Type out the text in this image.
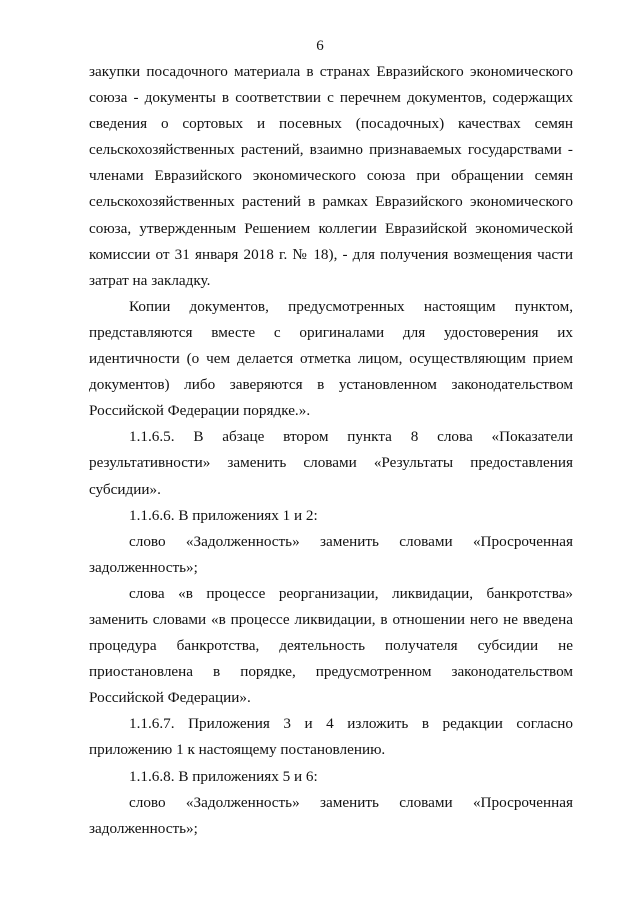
6

закупки посадочного материала в странах Евразийского экономического союза - документы в соответствии с перечнем документов, содержащих сведения о сортовых и посевных (посадочных) качествах семян сельскохозяйственных растений, взаимно признаваемых государствами - членами Евразийского экономического союза при обращении семян сельскохозяйственных растений в рамках Евразийского экономического союза, утвержденным Решением коллегии Евразийской экономической комиссии от 31 января 2018 г. № 18), - для получения возмещения части затрат на закладку.

Копии документов, предусмотренных настоящим пунктом, представляются вместе с оригиналами для удостоверения их идентичности (о чем делается отметка лицом, осуществляющим прием документов) либо заверяются в установленном законодательством Российской Федерации порядке.».

1.1.6.5. В абзаце втором пункта 8 слова «Показатели результативности» заменить словами «Результаты предоставления субсидии».

1.1.6.6. В приложениях 1 и 2:

слово «Задолженность» заменить словами «Просроченная задолженность»;

слова «в процессе реорганизации, ликвидации, банкротства» заменить словами «в процессе ликвидации, в отношении него не введена процедура банкротства, деятельность получателя субсидии не приостановлена в порядке, предусмотренном законодательством Российской Федерации».

1.1.6.7. Приложения 3 и 4 изложить в редакции согласно приложению 1 к настоящему постановлению.

1.1.6.8. В приложениях 5 и 6:

слово «Задолженность» заменить словами «Просроченная задолженность»;
